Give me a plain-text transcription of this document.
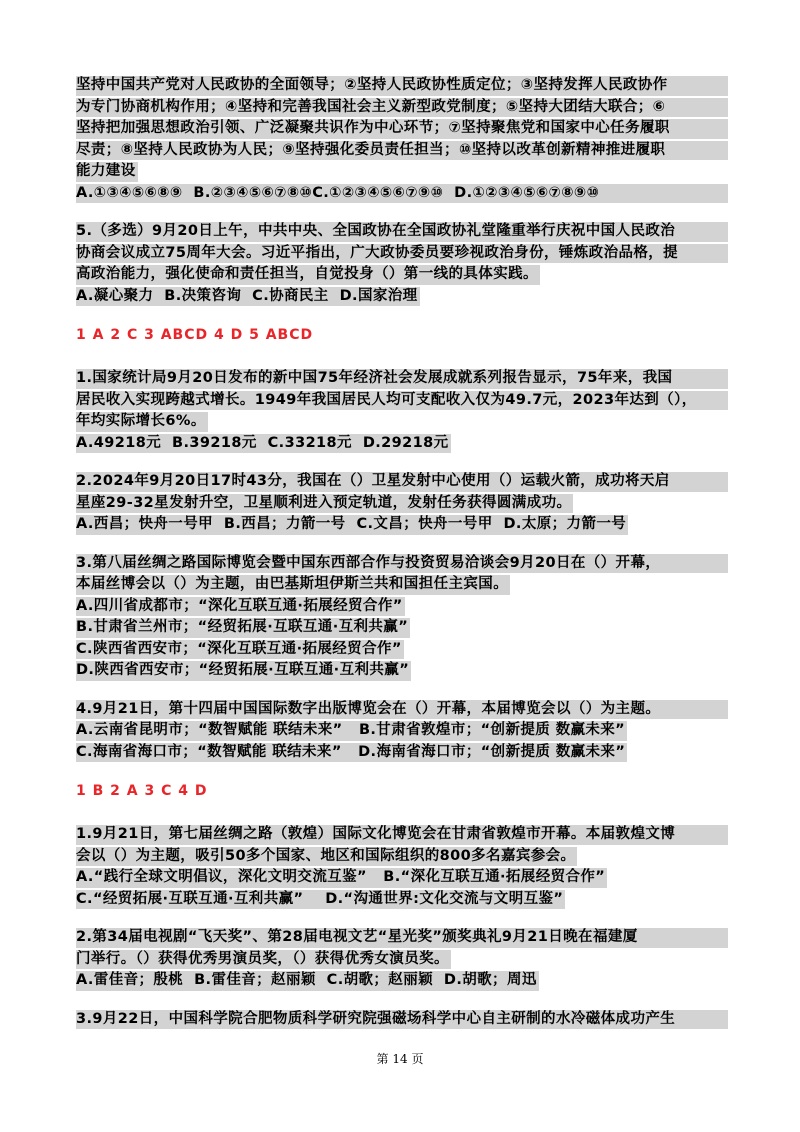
坚持中国共产党对人民政协的全面领导；②坚持人民政协性质定位；③坚持发挥人民政协作
为专门协商机构作用；④坚持和完善我国社会主义新型政党制度；⑤坚持大团结大联合；⑥
坚持把加强思想政治引领、广泛凝聚共识作为中心环节；⑦坚持聚焦党和国家中心任务履职
尽责；⑧坚持人民政协为人民；⑨坚持强化委员责任担当；⑩坚持以改革创新精神推进履职
能力建设
A.①③④⑤⑥⑧⑨  B.②③④⑤⑥⑦⑧⑩C.①②③④⑤⑥⑦⑨⑩  D.①②③④⑤⑥⑦⑧⑨⑩
5.（多选）9月20日上午，中共中央、全国政协在全国政协礼堂隆重举行庆祝中国人民政治
协商会议成立75周年大会。习近平指出，广大政协委员要珍视政治身份，锤炼政治品格，提
高政治能力，强化使命和责任担当，自觉投身（）第一线的具体实践。
A.凝心聚力  B.决策咨询  C.协商民主  D.国家治理
1 A 2 C 3 ABCD 4 D 5 ABCD
1.国家统计局9月20日发布的新中国75年经济社会发展成就系列报告显示，75年来，我国
居民收入实现跨越式增长。1949年我国居民人均可支配收入仅为49.7元，2023年达到（），
年均实际增长6%。
A.49218元  B.39218元  C.33218元  D.29218元
2.2024年9月20日17时43分，我国在（）卫星发射中心使用（）运载火箭，成功将天启
星座29-32星发射升空，卫星顺利进入预定轨道，发射任务获得圆满成功。
A.西昌；快舟一号甲  B.西昌；力箭一号  C.文昌；快舟一号甲  D.太原；力箭一号
3.第八届丝绸之路国际博览会暨中国东西部合作与投资贸易洽谈会9月20日在（）开幕，
本届丝博会以（）为主题，由巴基斯坦伊斯兰共和国担任主宾国。
A.四川省成都市；“深化互联互通·拓展经贸合作”
B.甘肃省兰州市；“经贸拓展·互联互通·互利共赢”
C.陕西省西安市；“深化互联互通·拓展经贸合作”
D.陕西省西安市；“经贸拓展·互联互通·互利共赢”
4.9月21日，第十四届中国国际数字出版博览会在（）开幕，本届博览会以（）为主题。
A.云南省昆明市；“数智赋能 联结未来”   B.甘肃省敦煌市；“创新提质 数赢未来”
C.海南省海口市；“数智赋能 联结未来”   D.海南省海口市；“创新提质 数赢未来”
1 B 2 A 3 C 4 D
1.9月21日，第七届丝绸之路（敦煌）国际文化博览会在甘肃省敦煌市开幕。本届敦煌文博
会以（）为主题，吸引50多个国家、地区和国际组织的800多名嘉宾参会。
A.“践行全球文明倡议，深化文明交流互鉴”   B.“深化互联互通·拓展经贸合作”
C.“经贸拓展·互联互通·互利共赢”    D.“沟通世界:文化交流与文明互鉴”
2.第34届电视剧“飞天奖”、第28届电视文艺“星光奖”颁奖典礼9月21日晚在福建厦
门举行。（）获得优秀男演员奖，（）获得优秀女演员奖。
A.雷佳音；殷桃  B.雷佳音；赵丽颖  C.胡歌；赵丽颖  D.胡歌；周迅
3.9月22日，中国科学院合肥物质科学研究院强磁场科学中心自主研制的水冷磁体成功产生
第 14 页
